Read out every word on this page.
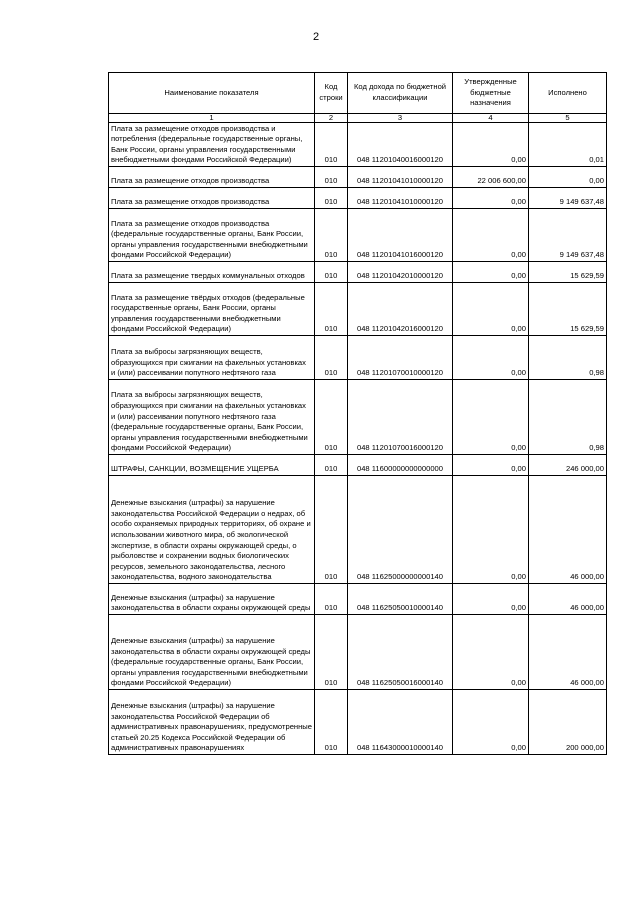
2
Наименование показателя	Код строки	Код дохода по бюджетной классификации	Утвержденные бюджетные назначения	Исполнено
1	2	3	4	5
Плата за размещение отходов производства и потребления (федеральные государственные органы, Банк России, органы управления государственными внебюджетными фондами Российской Федерации)	010	048 11201040016000120	0,00	0,01
Плата за размещение отходов производства	010	048 11201041010000120	22 006 600,00	0,00
Плата за размещение отходов производства	010	048 11201041010000120	0,00	9 149 637,48
Плата за размещение отходов производства (федеральные государственные органы, Банк России, органы управления государственными внебюджетными фондами Российской Федерации)	010	048 11201041016000120	0,00	9 149 637,48
Плата за размещение твердых коммунальных отходов	010	048 11201042010000120	0,00	15 629,59
Плата за размещение твёрдых отходов (федеральные государственные органы, Банк России, органы управления государственными внебюджетными фондами Российской Федерации)	010	048 11201042016000120	0,00	15 629,59
Плата за выбросы загрязняющих веществ, образующихся при сжигании на факельных установках и (или) рассеивании попутного нефтяного газа	010	048 11201070010000120	0,00	0,98
Плата за выбросы загрязняющих веществ, образующихся при сжигании на факельных установках и (или) рассеивании попутного нефтяного газа (федеральные государственные органы, Банк России, органы управления государственными внебюджетными фондами Российской Федерации)	010	048 11201070016000120	0,00	0,98
ШТРАФЫ, САНКЦИИ, ВОЗМЕЩЕНИЕ УЩЕРБА	010	048 11600000000000000	0,00	246 000,00
Денежные взыскания (штрафы) за нарушение законодательства Российской Федерации о недрах, об особо охраняемых природных территориях, об охране и использовании животного мира, об экологической экспертизе, в области охраны окружающей среды, о рыболовстве и сохранении водных биологических ресурсов, земельного законодательства, лесного законодательства, водного законодательства	010	048 11625000000000140	0,00	46 000,00
Денежные взыскания (штрафы) за нарушение законодательства в области охраны окружающей среды	010	048 11625050010000140	0,00	46 000,00
Денежные взыскания (штрафы) за нарушение законодательства в области охраны окружающей среды (федеральные государственные органы, Банк России, органы управления государственными внебюджетными фондами Российской Федерации)	010	048 11625050016000140	0,00	46 000,00
Денежные взыскания (штрафы) за нарушение законодательства Российской Федерации об административных правонарушениях, предусмотренные статьей 20.25 Кодекса Российской Федерации об административных правонарушениях	010	048 11643000010000140	0,00	200 000,00
